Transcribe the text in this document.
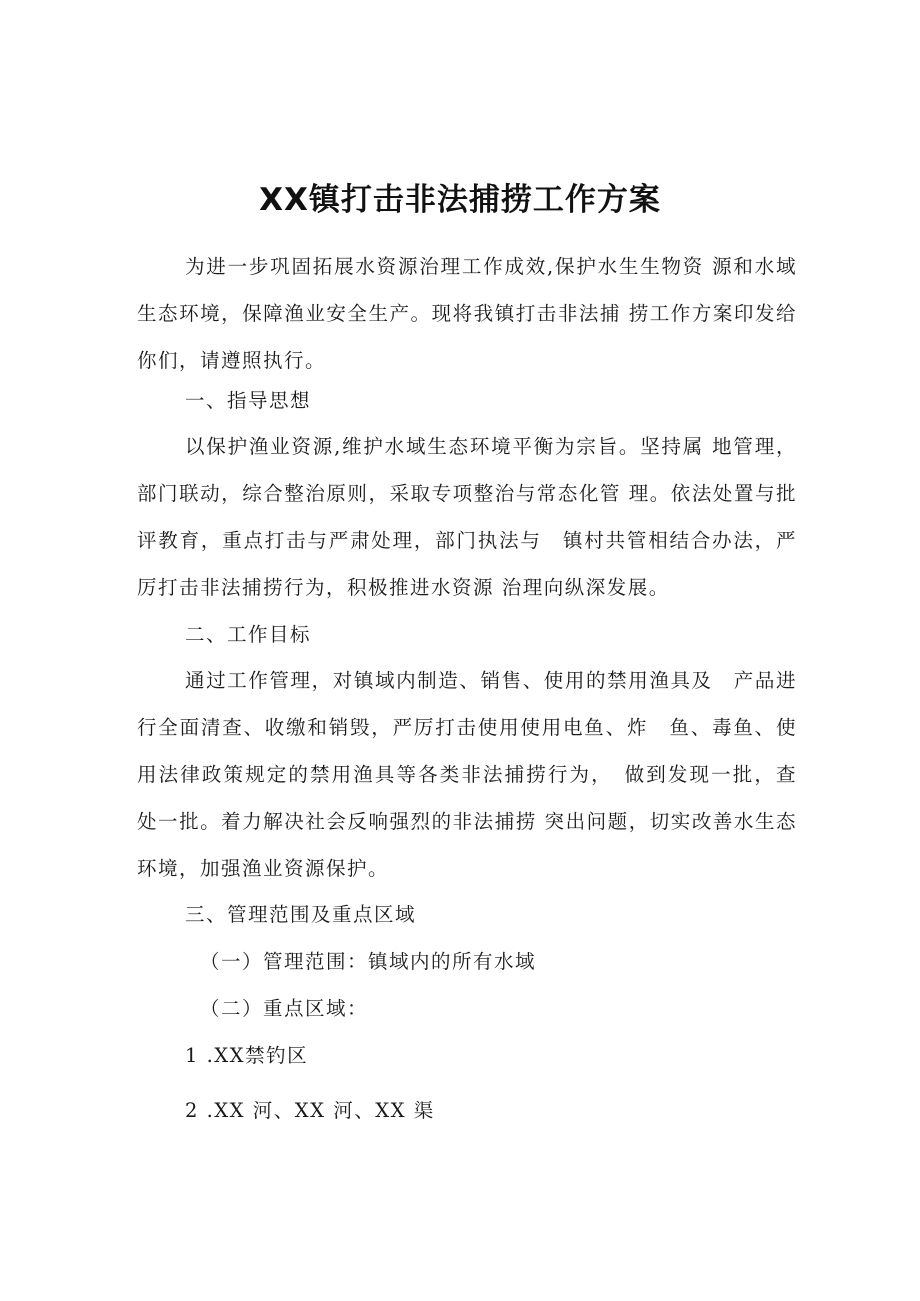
XX镇打击非法捕捞工作方案

为进一步巩固拓展水资源治理工作成效,保护水生生物资 源和水域生态环境，保障渔业安全生产。现将我镇打击非法捕 捞工作方案印发给你们，请遵照执行。

一、指导思想

以保护渔业资源,维护水域生态环境平衡为宗旨。坚持属 地管理，部门联动，综合整治原则，采取专项整治与常态化管 理。依法处置与批评教育，重点打击与严肃处理，部门执法与　镇村共管相结合办法，严厉打击非法捕捞行为，积极推进水资源 治理向纵深发展。

二、工作目标

通过工作管理，对镇域内制造、销售、使用的禁用渔具及　产品进行全面清查、收缴和销毁，严厉打击使用使用电鱼、炸　鱼、毒鱼、使用法律政策规定的禁用渔具等各类非法捕捞行为，　做到发现一批，查处一批。着力解决社会反响强烈的非法捕捞 突出问题，切实改善水生态环境，加强渔业资源保护。

三、管理范围及重点区域

（一）管理范围：镇域内的所有水域

（二）重点区域：

1 .XX禁钓区

2 .XX 河、XX 河、XX 渠
